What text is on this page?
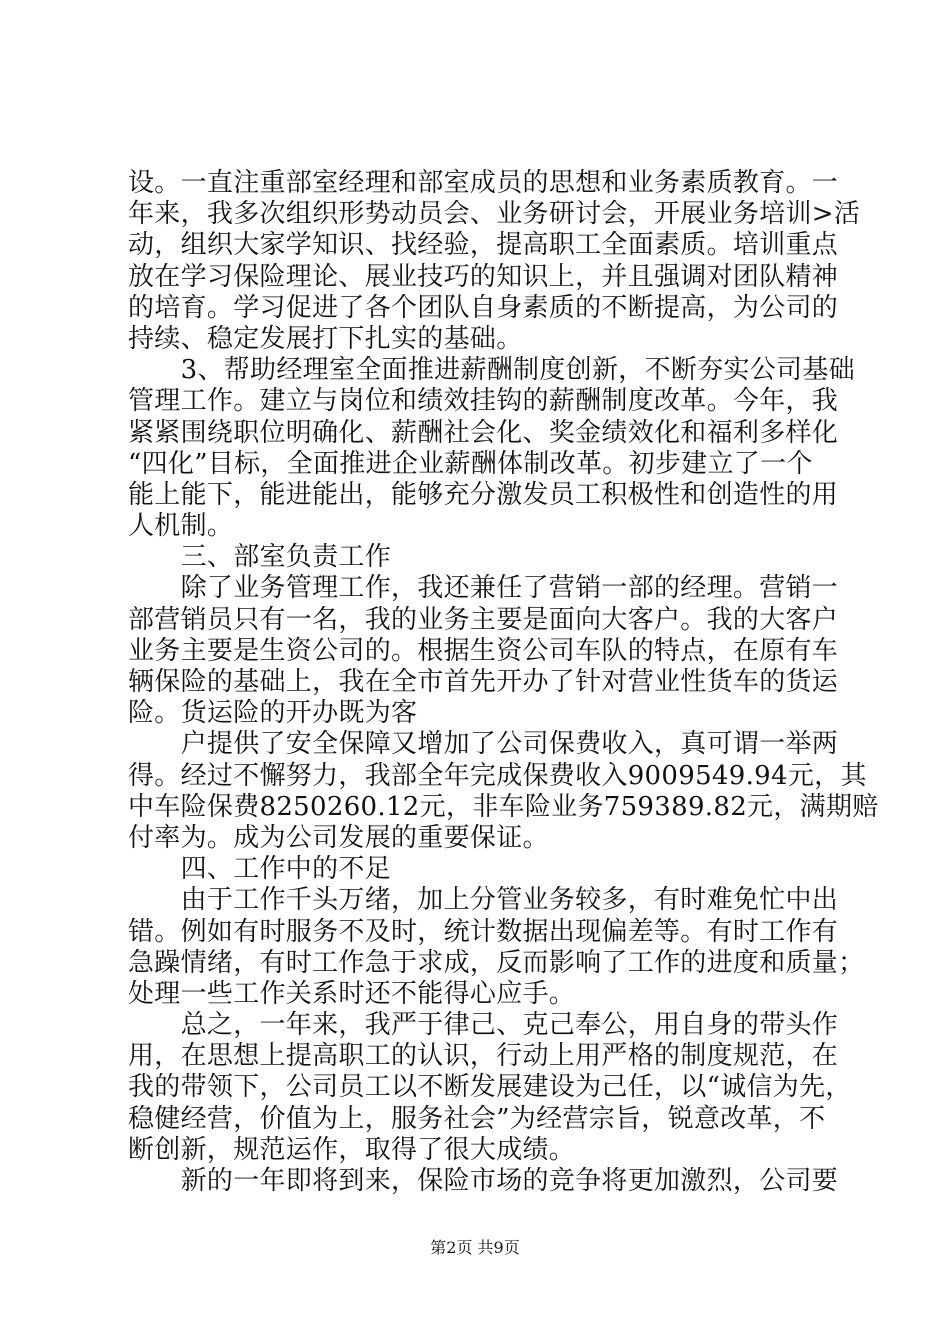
设。一直注重部室经理和部室成员的思想和业务素质教育。一
年来，我多次组织形势动员会、业务研讨会，开展业务培训>活
动，组织大家学知识、找经验，提高职工全面素质。培训重点
放在学习保险理论、展业技巧的知识上，并且强调对团队精神
的培育。学习促进了各个团队自身素质的不断提高，为公司的
持续、稳定发展打下扎实的基础。
　　3、帮助经理室全面推进薪酬制度创新，不断夯实公司基础
管理工作。建立与岗位和绩效挂钩的薪酬制度改革。今年，我
紧紧围绕职位明确化、薪酬社会化、奖金绩效化和福利多样化
“四化”目标，全面推进企业薪酬体制改革。初步建立了一个
能上能下，能进能出，能够充分激发员工积极性和创造性的用
人机制。
　　三、部室负责工作
　　除了业务管理工作，我还兼任了营销一部的经理。营销一
部营销员只有一名，我的业务主要是面向大客户。我的大客户
业务主要是生资公司的。根据生资公司车队的特点，在原有车
辆保险的基础上，我在全市首先开办了针对营业性货车的货运
险。货运险的开办既为客
　　户提供了安全保障又增加了公司保费收入，真可谓一举两
得。经过不懈努力，我部全年完成保费收入9009549.94元，其
中车险保费8250260.12元，非车险业务759389.82元，满期赔
付率为。成为公司发展的重要保证。
　　四、工作中的不足
　　由于工作千头万绪，加上分管业务较多，有时难免忙中出
错。例如有时服务不及时，统计数据出现偏差等。有时工作有
急躁情绪，有时工作急于求成，反而影响了工作的进度和质量；
处理一些工作关系时还不能得心应手。
　　总之，一年来，我严于律己、克己奉公，用自身的带头作
用，在思想上提高职工的认识，行动上用严格的制度规范，在
我的带领下，公司员工以不断发展建设为己任，以“诚信为先，
稳健经营，价值为上，服务社会”为经营宗旨，锐意改革，不
断创新，规范运作，取得了很大成绩。
　　新的一年即将到来，保险市场的竞争将更加激烈，公司要
第2页 共9页
